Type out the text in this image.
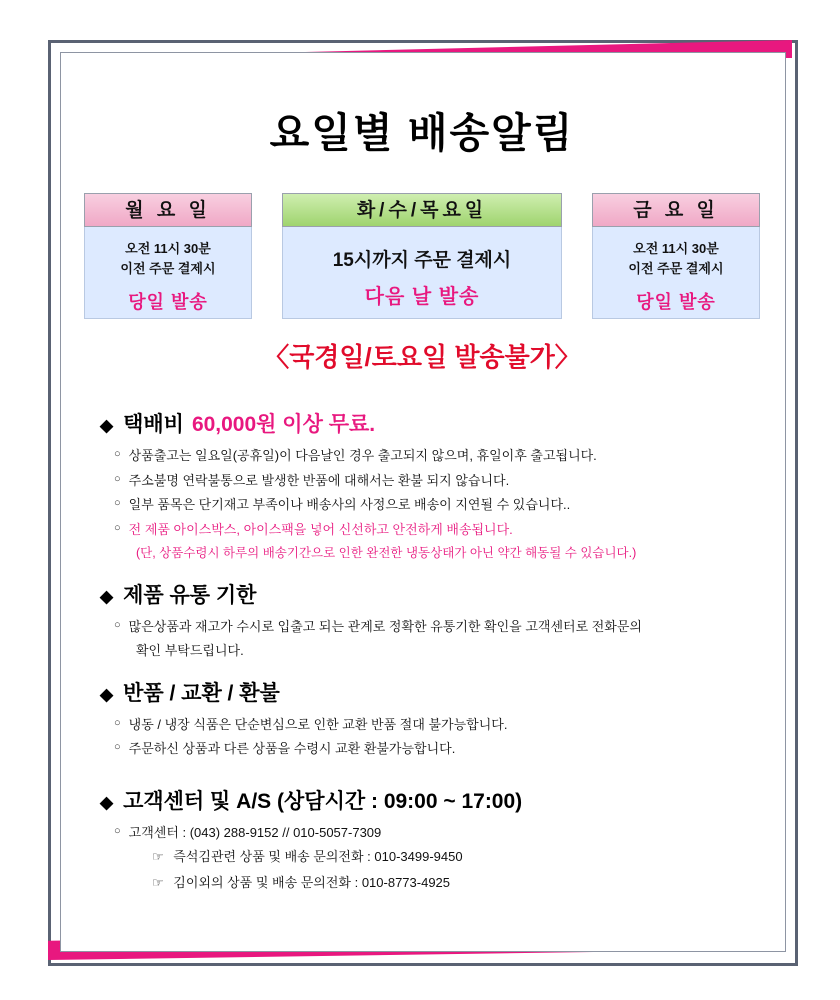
요일별 배송알림
월 요 일
오전 11시 30분
이전 주문 결제시
당일 발송
화/수/목요일
15시까지 주문 결제시
다음 날 발송
금 요 일
오전 11시 30분
이전 주문 결제시
당일 발송
〈국경일/토요일 발송불가〉
◆ 택배비 60,000원 이상 무료.
○ 상품출고는 일요일(공휴일)이 다음날인 경우 출고되지 않으며, 휴일이후 출고됩니다.
○ 주소불명 연락불통으로 발생한 반품에 대해서는 환불 되지 않습니다.
○ 일부 품목은 단기재고 부족이나 배송사의 사정으로 배송이 지연될 수 있습니다..
○ 전 제품 아이스박스, 아이스팩을 넣어 신선하고 안전하게 배송됩니다.
(단, 상품수령시 하루의 배송기간으로 인한 완전한 냉동상태가 아닌 약간 해동될 수 있습니다.)
◆ 제품 유통 기한
○ 많은상품과 재고가 수시로 입출고 되는 관계로 정확한 유통기한 확인을 고객센터로 전화문의
확인 부탁드립니다.
◆ 반품 / 교환 / 환불
○ 냉동 / 냉장 식품은 단순변심으로 인한 교환 반품 절대 불가능합니다.
○ 주문하신 상품과 다른 상품을 수령시 교환 환불가능합니다.
◆ 고객센터 및 A/S (상담시간 : 09:00 ~ 17:00)
○ 고객센터 : (043) 288-9152 // 010-5057-7309
☞ 즉석김관련 상품 및 배송 문의전화 : 010-3499-9450
☞ 김이외의 상품 및 배송 문의전화 : 010-8773-4925
